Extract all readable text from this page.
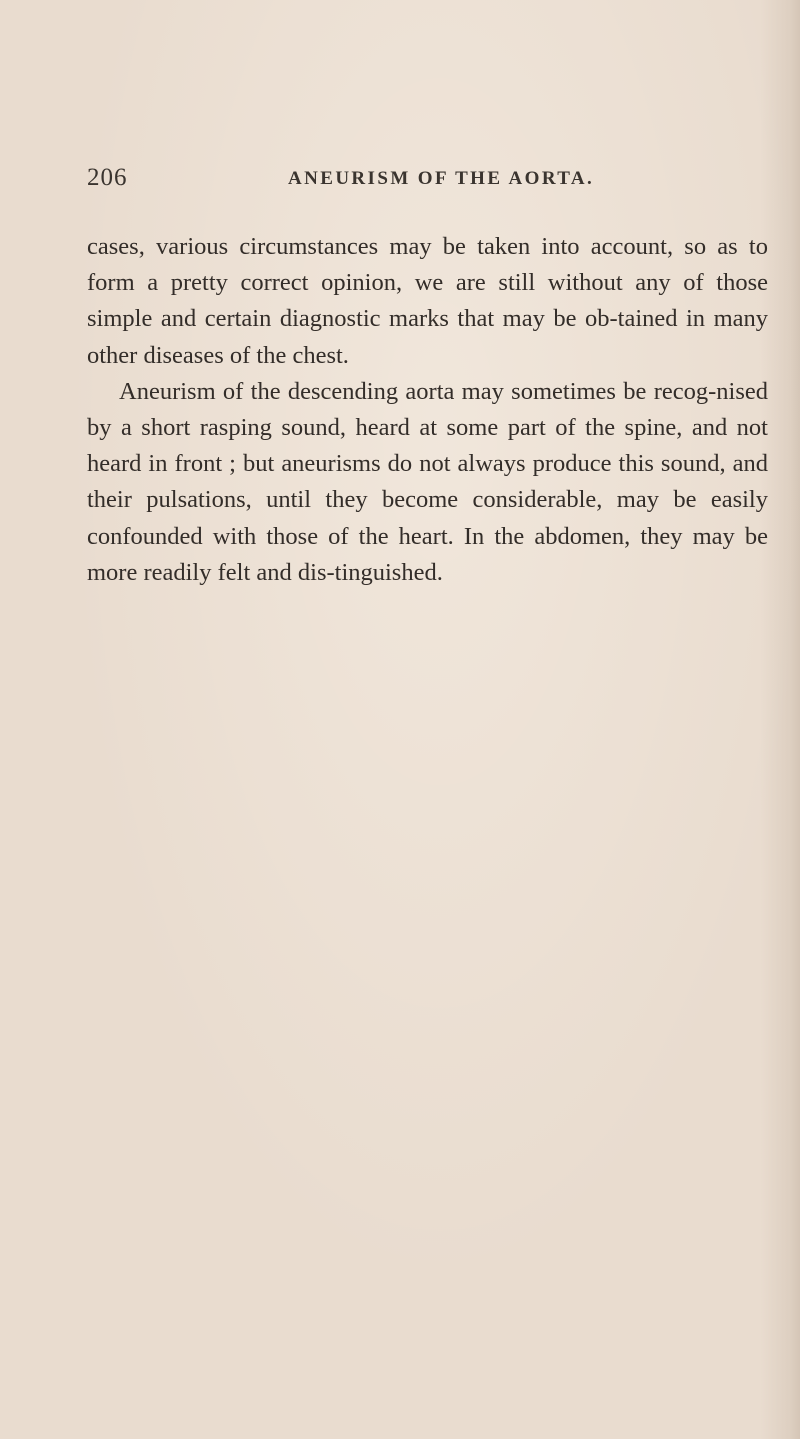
206	ANEURISM OF THE AORTA.

cases, various circumstances may be taken into account, so as to form a pretty correct opinion, we are still without any of those simple and certain diagnostic marks that may be ob-tained in many other diseases of the chest.

Aneurism of the descending aorta may sometimes be recog-nised by a short rasping sound, heard at some part of the spine, and not heard in front ; but aneurisms do not always produce this sound, and their pulsations, until they become considerable, may be easily confounded with those of the heart. In the abdomen, they may be more readily felt and dis-tinguished.
